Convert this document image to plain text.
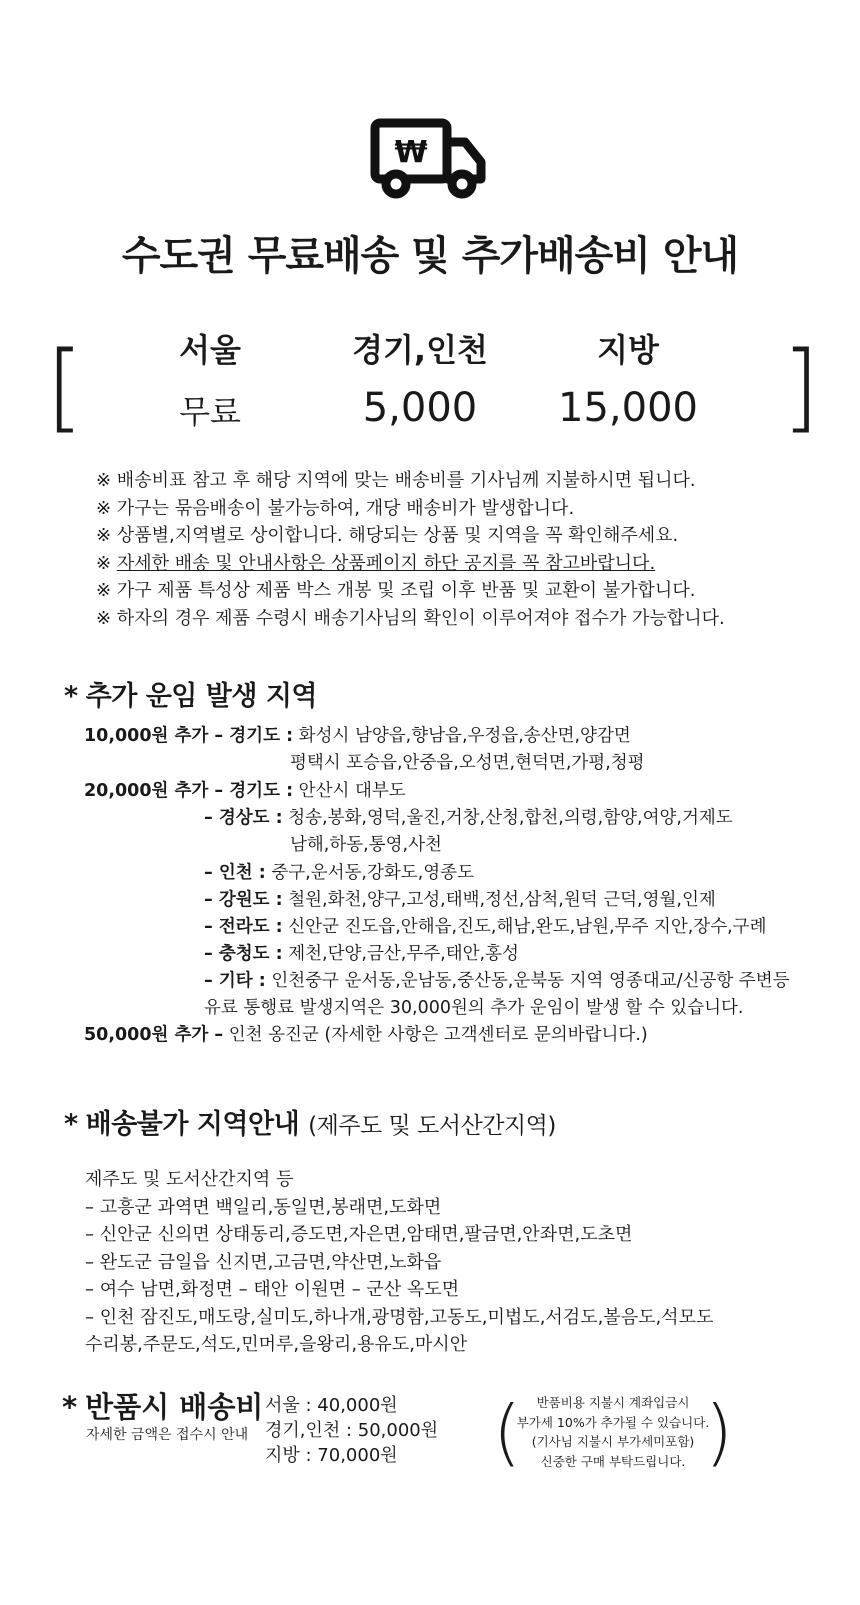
₩
수도권 무료배송 및 추가배송비 안내
[	]
서울	경기,인천	지방
무료	5,000	15,000
※ 배송비표 참고 후 해당 지역에 맞는 배송비를 기사님께 지불하시면 됩니다.
※ 가구는 묶음배송이 불가능하여, 개당 배송비가 발생합니다.
※ 상품별,지역별로 상이합니다. 해당되는 상품 및 지역을 꼭 확인해주세요.
※ 자세한 배송 및 안내사항은 상품페이지 하단 공지를 꼭 참고바랍니다.
※ 가구 제품 특성상 제품 박스 개봉 및 조립 이후 반품 및 교환이 불가합니다.
※ 하자의 경우 제품 수령시 배송기사님의 확인이 이루어져야 접수가 가능합니다.
* 추가 운임 발생 지역
10,000원 추가 – 경기도 : 화성시 남양읍,향남읍,우정읍,송산면,양감면
평택시 포승읍,안중읍,오성면,현덕면,가평,청평
20,000원 추가 – 경기도 : 안산시 대부도
– 경상도 : 청송,봉화,영덕,울진,거창,산청,합천,의령,함양,여양,거제도
남해,하동,통영,사천
– 인천 : 중구,운서동,강화도,영종도
– 강원도 : 철원,화천,양구,고성,태백,정선,삼척,원덕 근덕,영월,인제
– 전라도 : 신안군 진도읍,안해읍,진도,해남,완도,남원,무주 지안,장수,구례
– 충청도 : 제천,단양,금산,무주,태안,홍성
– 기타 : 인천중구 운서동,운남동,중산동,운북동 지역 영종대교/신공항 주변등
유료 통행료 발생지역은 30,000원의 추가 운임이 발생 할 수 있습니다.
50,000원 추가 – 인천 옹진군 (자세한 사항은 고객센터로 문의바랍니다.)
* 배송불가 지역안내 (제주도 및 도서산간지역)
제주도 및 도서산간지역 등
– 고흥군 과역면 백일리,동일면,봉래면,도화면
– 신안군 신의면 상태동리,증도면,자은면,암태면,팔금면,안좌면,도초면
– 완도군 금일읍 신지면,고금면,약산면,노화읍
– 여수 남면,화정면 – 태안 이원면 – 군산 옥도면
– 인천 잠진도,매도랑,실미도,하나개,광명함,고동도,미법도,서검도,볼음도,석모도
수리봉,주문도,석도,민머루,을왕리,용유도,마시안
* 반품시 배송비
자세한 금액은 접수시 안내
서울 : 40,000원
경기,인천 : 50,000원
지방 : 70,000원	(	반품비용 지불시 계좌입금시
부가세 10%가 추가될 수 있습니다.
(기사님 지불시 부가세미포함)
신중한 구매 부탁드립니다. )
